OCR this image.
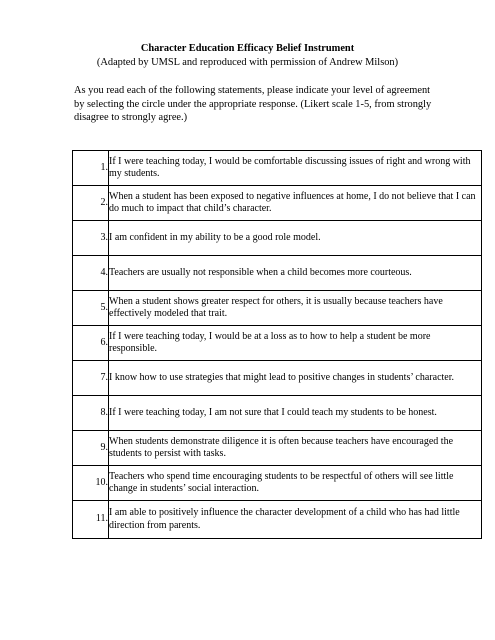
Character Education Efficacy Belief Instrument
(Adapted by UMSL and reproduced with permission of Andrew Milson)
As you read each of the following statements, please indicate your level of agreement by selecting the circle under the appropriate response. (Likert scale 1-5, from strongly disagree to strongly agree.)
1.	If I were teaching today, I would be comfortable discussing issues of right and wrong with my students.
2.	When a student has been exposed to negative influences at home, I do not believe that I can do much to impact that child’s character.
3.	I am confident in my ability to be a good role model.
4.	Teachers are usually not responsible when a child becomes more courteous.
5.	When a student shows greater respect for others, it is usually because teachers have effectively modeled that trait.
6.	If I were teaching today, I would be at a loss as to how to help a student be more responsible.
7.	I know how to use strategies that might lead to positive changes in students’ character.
8.	If I were teaching today, I am not sure that I could teach my students to be honest.
9.	When students demonstrate diligence it is often because teachers have encouraged the students to persist with tasks.
10.	Teachers who spend time encouraging students to be respectful of others will see little change in students’ social interaction.
11.	I am able to positively influence the character development of a child who has had little direction from parents.
